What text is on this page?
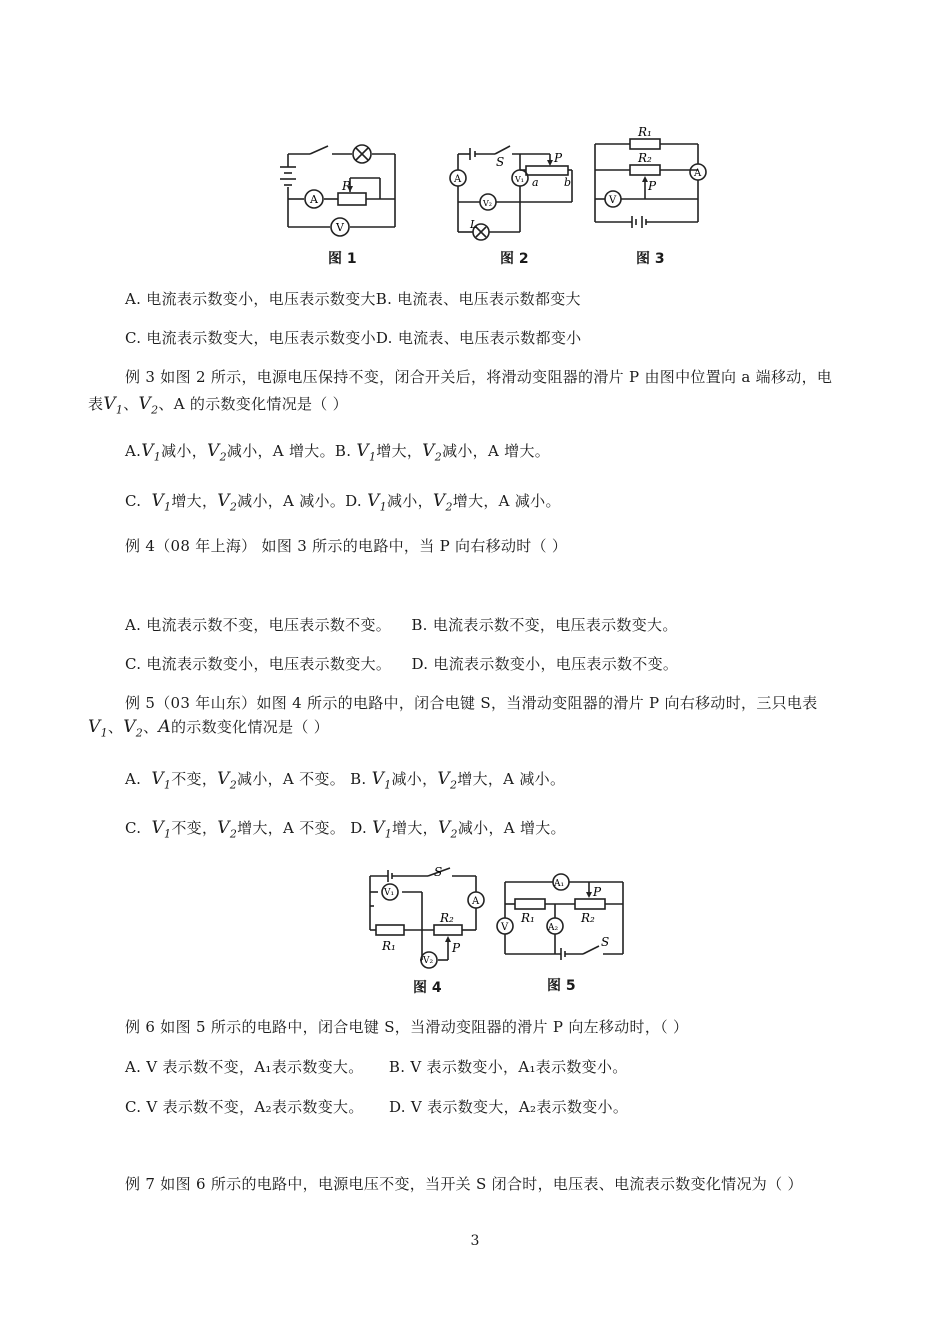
P
A
V
图 1
S	P
a b
V₁
V₂
A
L
图 2
R₁
R₂
P
V
A
图 3
A. 电流表示数变小，电压表示数变大B. 电流表、电压表示数都变大
C. 电流表示数变大，电压表示数变小D. 电流表、电压表示数都变小
例 3 如图 2 所示，电源电压保持不变，闭合开关后，将滑动变阻器的滑片 P 由图中位置向 a 端移动，电
表$V_1$、$V_2$、A 的示数变化情况是（ ）
$A.V_1$减小，$V_2$减小，A 增大。B. $V_1$增大，$V_2$减小，A 增大。
C. $V_1$增大，$V_2$减小，A 减小。D. $V_1$减小，$V_2$增大，A 减小。
例 4（08 年上海） 如图 3 所示的电路中，当 P 向右移动时（ ）
A. 电流表示数不变，电压表示数不变。 B. 电流表示数不变，电压表示数变大。
C. 电流表示数变小，电压表示数变大。 D. 电流表示数变小，电压表示数不变。
例 5（03 年山东）如图 4 所示的电路中，闭合电键 S，当滑动变阻器的滑片 P 向右移动时，三只电表
$V_1$、$V_2$、A的示数变化情况是（ ）
A. $V_1$不变，$V_2$减小，A 不变。 B. $V_1$减小，$V_2$增大，A 减小。
C. $V_1$不变，$V_2$增大，A 不变。 D. $V_1$增大，$V_2$减小，A 增大。
S
V₁
R₂
A
R₁	P
V₂
图 4
A₁
P
R₁	R₂
V	A₂
S
图 5
例 6 如图 5 所示的电路中，闭合电键 S，当滑动变阻器的滑片 P 向左移动时，（ ）
A. V 表示数不变，A₁表示数变大。 B. V 表示数变小，A₁表示数变小。
C. V 表示数不变，A₂表示数变大。 D. V 表示数变大，A₂表示数变小。
例 7 如图 6 所示的电路中，电源电压不变，当开关 S 闭合时，电压表、电流表示数变化情况为（ ）
3
